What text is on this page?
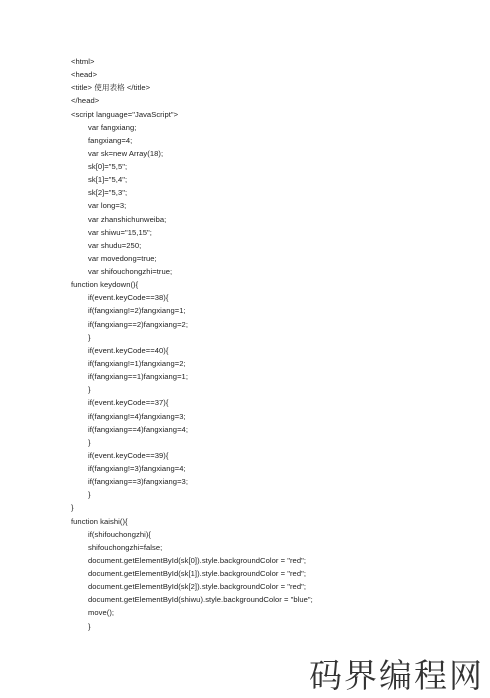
<html>
<head>
<title> 使用表格 </title>
</head>
<script language="JavaScript">
var fangxiang;
fangxiang=4;
var sk=new Array(18);
sk[0]="5,5";
sk[1]="5,4";
sk[2]="5,3";
var long=3;
var zhanshichunweiba;
var shiwu="15,15";
var shudu=250;
var movedong=true;
var shifouchongzhi=true;
function keydown(){
if(event.keyCode==38){
if(fangxiang!=2)fangxiang=1;
if(fangxiang==2)fangxiang=2;
}
if(event.keyCode==40){
if(fangxiang!=1)fangxiang=2;
if(fangxiang==1)fangxiang=1;
}
if(event.keyCode==37){
if(fangxiang!=4)fangxiang=3;
if(fangxiang==4)fangxiang=4;
}
if(event.keyCode==39){
if(fangxiang!=3)fangxiang=4;
if(fangxiang==3)fangxiang=3;
}
}
function kaishi(){
if(shifouchongzhi){
shifouchongzhi=false;
document.getElementById(sk[0]).style.backgroundColor = "red";
document.getElementById(sk[1]).style.backgroundColor = "red";
document.getElementById(sk[2]).style.backgroundColor = "red";
document.getElementById(shiwu).style.backgroundColor = "blue";
move();
}
码界编程网
